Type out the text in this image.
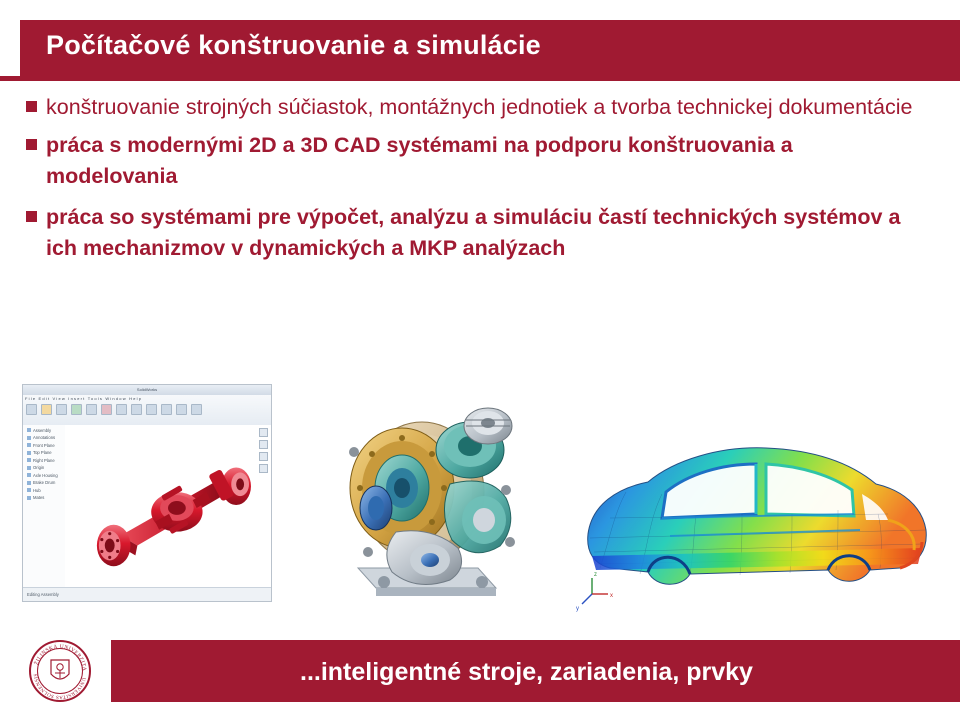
Počítačové konštruovanie a simulácie
konštruovanie strojných súčiastok, montážnych jednotiek a tvorba technickej dokumentácie
práca s modernými 2D a 3D CAD systémami na podporu konštruovania a modelovania
práca so systémami pre výpočet, analýzu a simuláciu častí technických systémov a ich mechanizmov v dynamických a MKP analýzach
SolidWorks
File Edit View Insert Tools Window Help
Assembly
Annotations
Front Plane
Top Plane
Right Plane
Origin
Axle Housing
Brake Drum
Hub
Mates
Editing Assembly
z
x
y
...inteligentné stroje, zariadenia, prvky
ŽILINSKÁ UNIVERZITA
UNIVERSITAS SOLNENSIS
